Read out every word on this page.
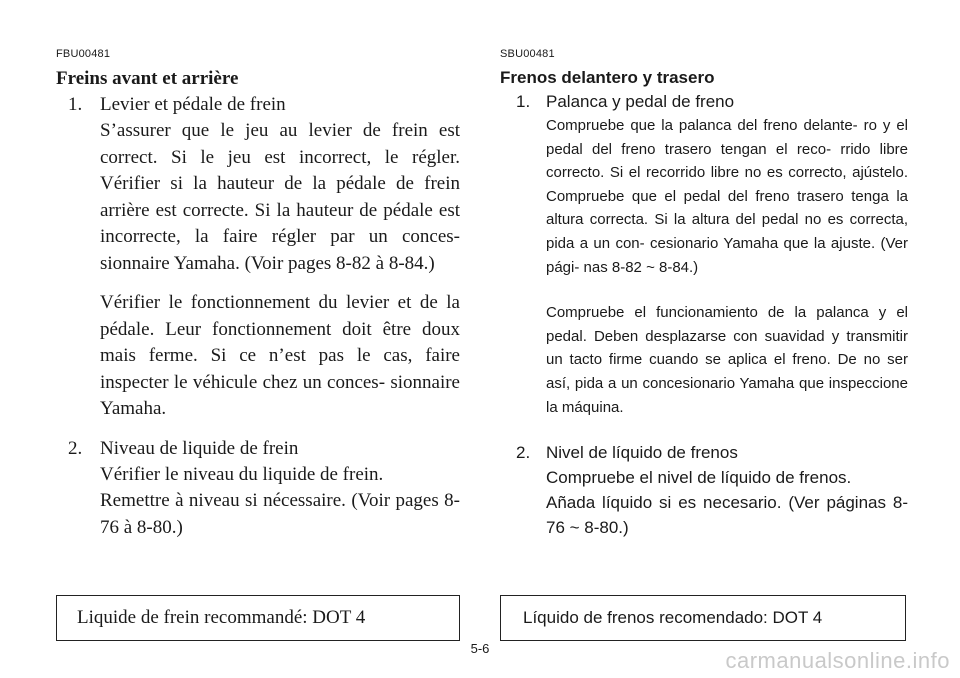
FBU00481

Freins avant et arrière

1. Levier et pédale de frein

S’assurer que le jeu au levier de frein est correct. Si le jeu est incorrect, le régler. Vérifier si la hauteur de la pédale de frein arrière est correcte. Si la hauteur de pédale est incorrecte, la faire régler par un conces- sionnaire Yamaha. (Voir pages 8-82 à 8-84.)

Vérifier le fonctionnement du levier et de la pédale. Leur fonctionnement doit être doux mais ferme. Si ce n’est pas le cas, faire inspecter le véhicule chez un conces- sionnaire Yamaha.

2. Niveau de liquide de frein

Vérifier le niveau du liquide de frein.

Remettre à niveau si nécessaire. (Voir pages 8-76 à 8-80.)

SBU00481

Frenos delantero y trasero

1. Palanca y pedal de freno

Compruebe que la palanca del freno delante- ro y el pedal del freno trasero tengan el reco- rrido libre correcto. Si el recorrido libre no es correcto, ajústelo. Compruebe que el pedal del freno trasero tenga la altura correcta. Si la altura del pedal no es correcta, pida a un con- cesionario Yamaha que la ajuste. (Ver pági- nas 8-82 ~ 8-84.)

Compruebe el funcionamiento de la palanca y el pedal. Deben desplazarse con suavidad y transmitir un tacto firme cuando se aplica el freno. De no ser así, pida a un concesionario Yamaha que inspeccione la máquina.

2. Nivel de líquido de frenos

Compruebe el nivel de líquido de frenos.

Añada líquido si es necesario. (Ver páginas 8-76 ~ 8-80.)

Liquide de frein recommandé: DOT 4	Líquido de frenos recomendado: DOT 4
5-6	carmanualsonline.info
